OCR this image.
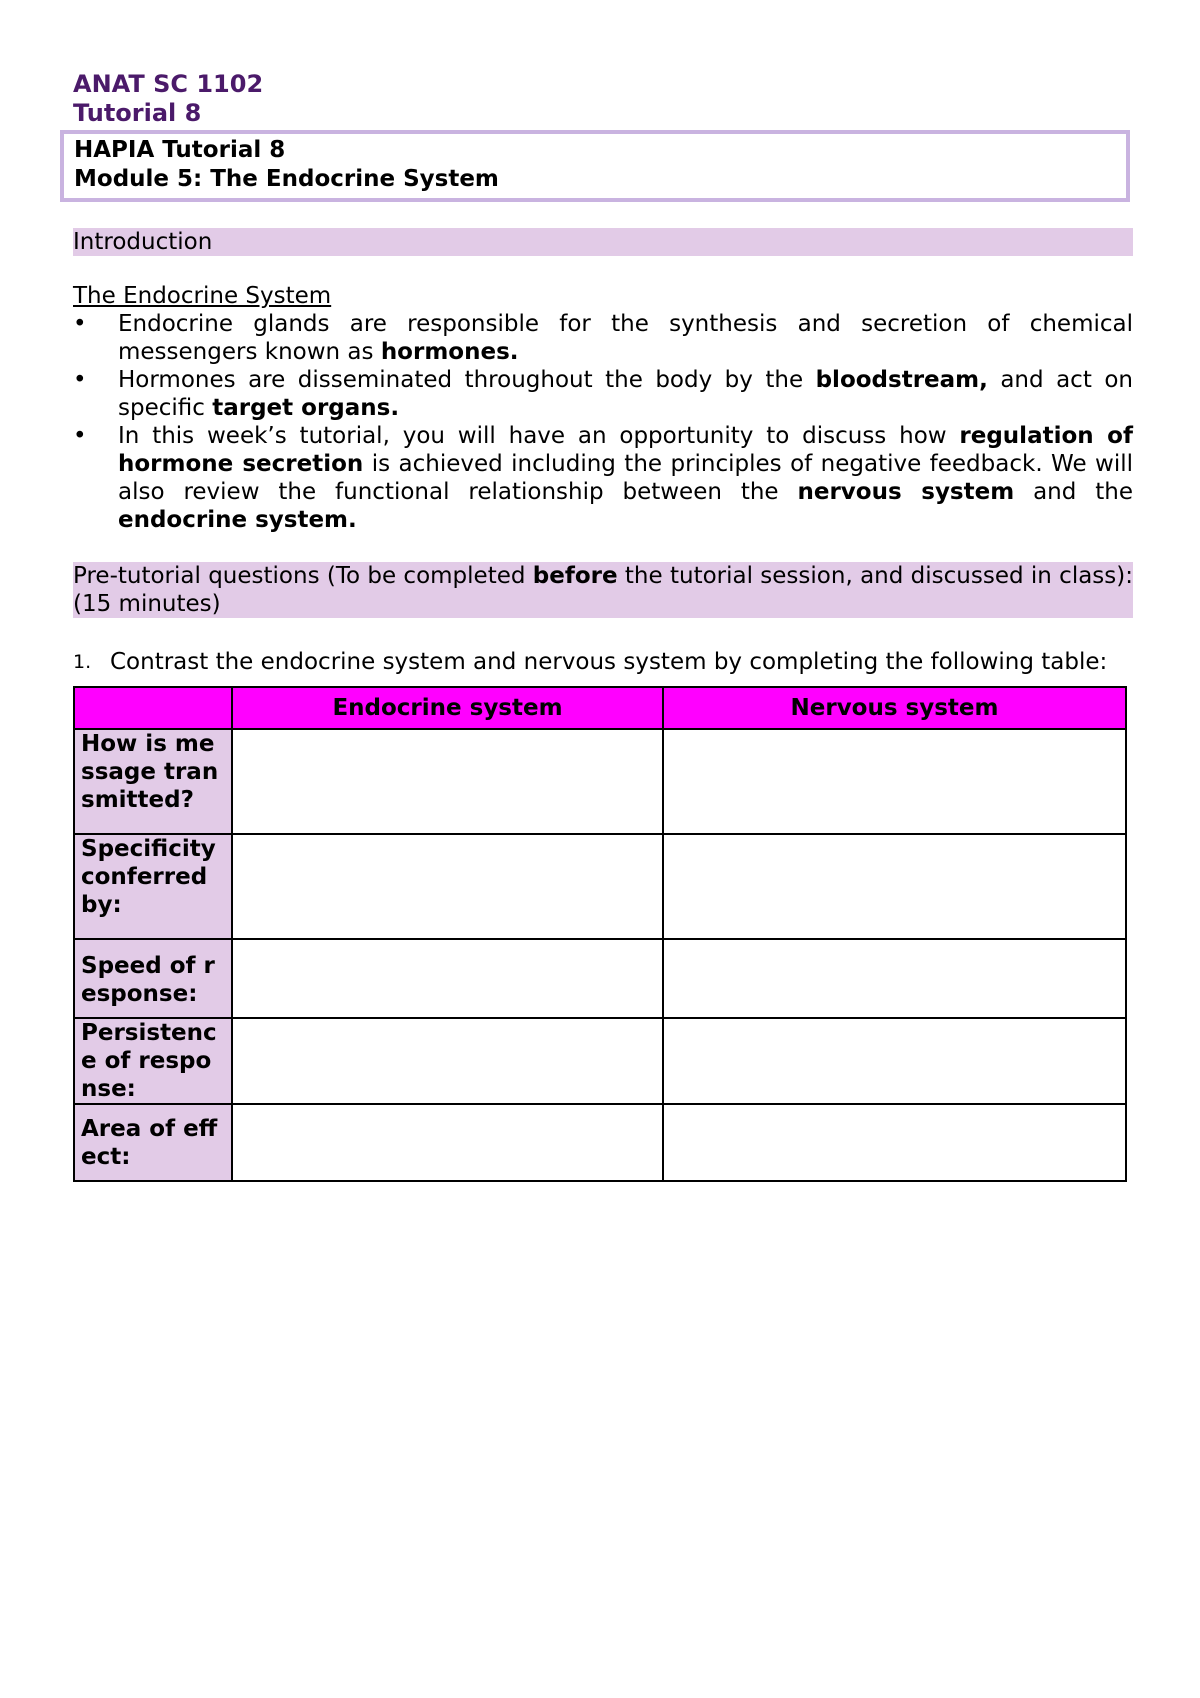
ANAT SC 1102
Tutorial 8
HAPIA Tutorial 8
Module 5: The Endocrine System
Introduction
The Endocrine System
• Endocrine glands are responsible for the synthesis and secretion of chemical messengers known as hormones.
• Hormones are disseminated throughout the body by the bloodstream, and act on specific target organs.
• In this week’s tutorial, you will have an opportunity to discuss how regulation of hormone secretion is achieved including the principles of negative feedback. We will also review the functional relationship between the nervous system and the endocrine system.
Pre-tutorial questions (To be completed before the tutorial session, and discussed in class): (15 minutes)
1. Contrast the endocrine system and nervous system by completing the following table:
	Endocrine system	Nervous system
How is message transmitted?		
Specificity conferred by:		
Speed of response:		
Persistence of response:		
Area of effect:		
